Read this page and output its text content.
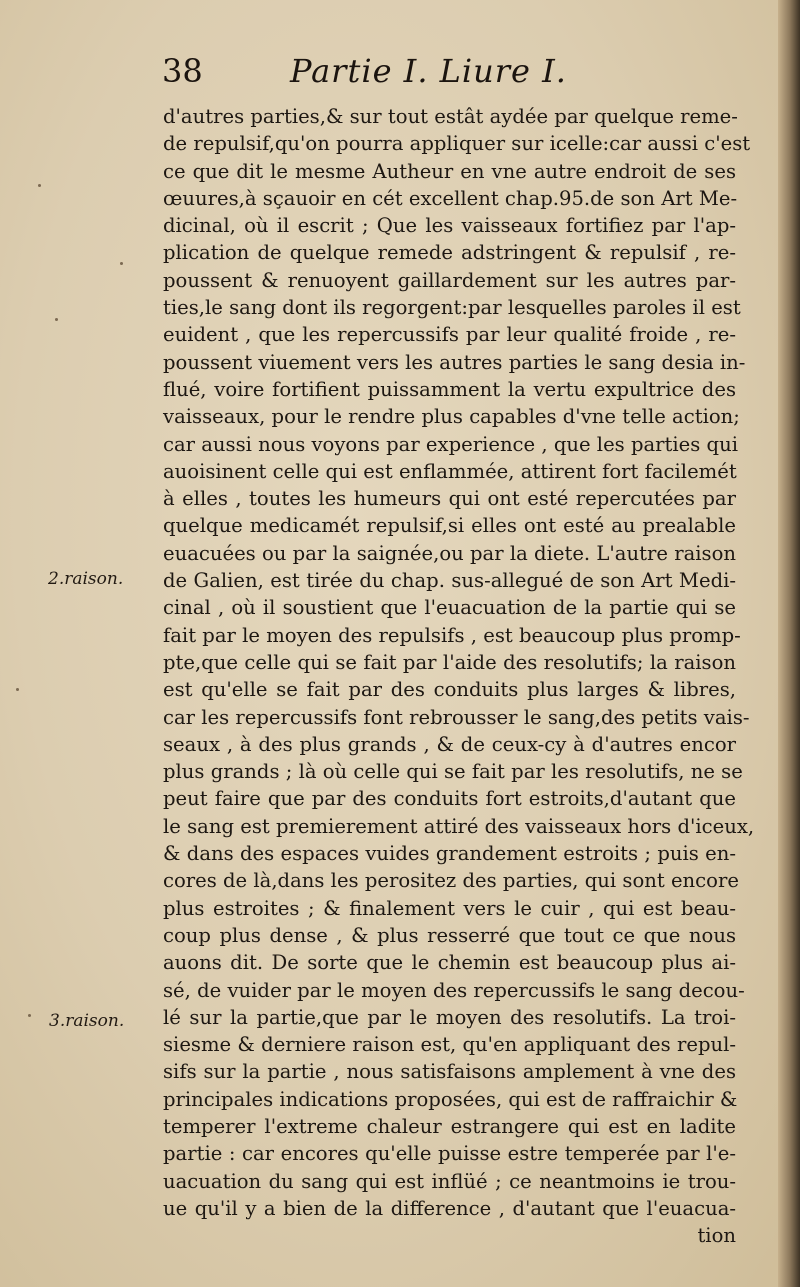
38	Partie I. Liure I.
2.raison.
3.raison.
d'autres parties,& sur tout estât aydée par quelque reme-
de repulsif,qu'on pourra appliquer sur icelle:car aussi c'est
ce que dit le mesme Autheur en vne autre endroit de ses
œuures,à sçauoir en cét excellent chap.95.de son Art Me-
dicinal, où il escrit ; Que les vaisseaux fortifiez par l'ap-
plication de quelque remede adstringent & repulsif , re-
poussent & renuoyent gaillardement sur les autres par-
ties,le sang dont ils regorgent:par lesquelles paroles il est
euident , que les repercussifs par leur qualité froide , re-
poussent viuement vers les autres parties le sang desia in-
flué, voire fortifient puissamment la vertu expultrice des
vaisseaux, pour le rendre plus capables d'vne telle action;
car aussi nous voyons par experience , que les parties qui
auoisinent celle qui est enflammée, attirent fort facilemét
à elles , toutes les humeurs qui ont esté repercutées par
quelque medicamét repulsif,si elles ont esté au prealable
euacuées ou par la saignée,ou par la diete. L'autre raison
de Galien, est tirée du chap. sus-allegué de son Art Medi-
cinal , où il soustient que l'euacuation de la partie qui se
fait par le moyen des repulsifs , est beaucoup plus promp-
pte,que celle qui se fait par l'aide des resolutifs; la raison
est qu'elle se fait par des conduits plus larges & libres,
car les repercussifs font rebrousser le sang,des petits vais-
seaux , à des plus grands , & de ceux-cy à d'autres encor
plus grands ; là où celle qui se fait par les resolutifs, ne se
peut faire que par des conduits fort estroits,d'autant que
le sang est premierement attiré des vaisseaux hors d'iceux,
& dans des espaces vuides grandement estroits ; puis en-
cores de là,dans les perositez des parties, qui sont encore
plus estroites ; & finalement vers le cuir , qui est beau-
coup plus dense , & plus resserré que tout ce que nous
auons dit. De sorte que le chemin est beaucoup plus ai-
sé, de vuider par le moyen des repercussifs le sang decou-
lé sur la partie,que par le moyen des resolutifs. La troi-
siesme & derniere raison est, qu'en appliquant des repul-
sifs sur la partie , nous satisfaisons amplement à vne des
principales indications proposées, qui est de raffraichir &
temperer l'extreme chaleur estrangere qui est en ladite
partie : car encores qu'elle puisse estre temperée par l'e-
uacuation du sang qui est inflüé ; ce neantmoins ie trou-
ue qu'il y a bien de la difference , d'autant que l'euacua-
tion
